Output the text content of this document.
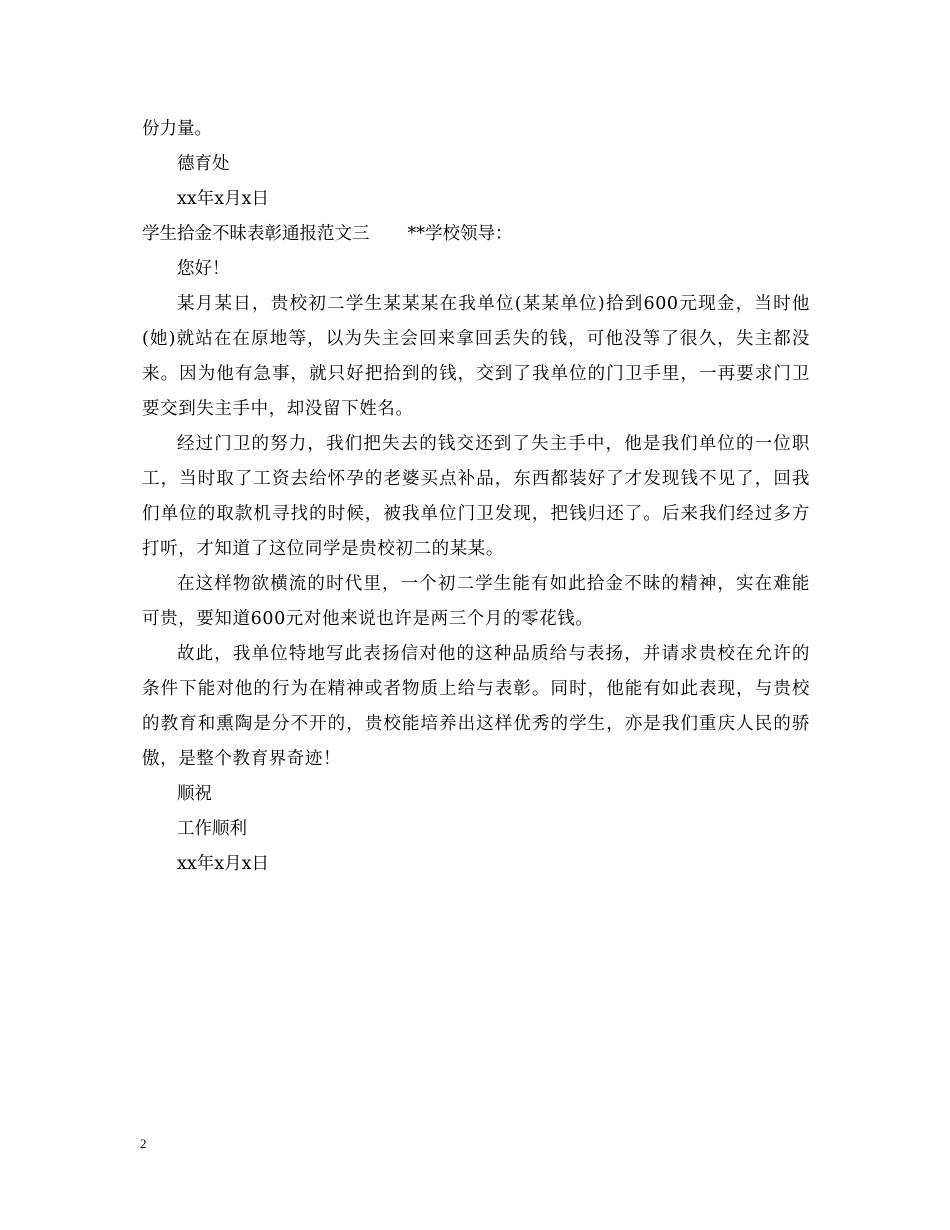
份力量。
德育处
xx年x月x日
学生拾金不昧表彰通报范文三 **学校领导：
您好！

某月某日，贵校初二学生某某某在我单位(某某单位)拾到600元现金，当时他(她)就站在在原地等，以为失主会回来拿回丢失的钱，可他没等了很久，失主都没来。因为他有急事，就只好把拾到的钱，交到了我单位的门卫手里，一再要求门卫要交到失主手中，却没留下姓名。

经过门卫的努力，我们把失去的钱交还到了失主手中，他是我们单位的一位职工，当时取了工资去给怀孕的老婆买点补品，东西都装好了才发现钱不见了，回我们单位的取款机寻找的时候，被我单位门卫发现，把钱归还了。后来我们经过多方打听，才知道了这位同学是贵校初二的某某。

在这样物欲横流的时代里，一个初二学生能有如此拾金不昧的精神，实在难能可贵，要知道600元对他来说也许是两三个月的零花钱。

故此，我单位特地写此表扬信对他的这种品质给与表扬，并请求贵校在允许的条件下能对他的行为在精神或者物质上给与表彰。同时，他能有如此表现，与贵校的教育和熏陶是分不开的，贵校能培养出这样优秀的学生，亦是我们重庆人民的骄傲，是整个教育界奇迹！

顺祝
工作顺利
xx年x月x日
2
